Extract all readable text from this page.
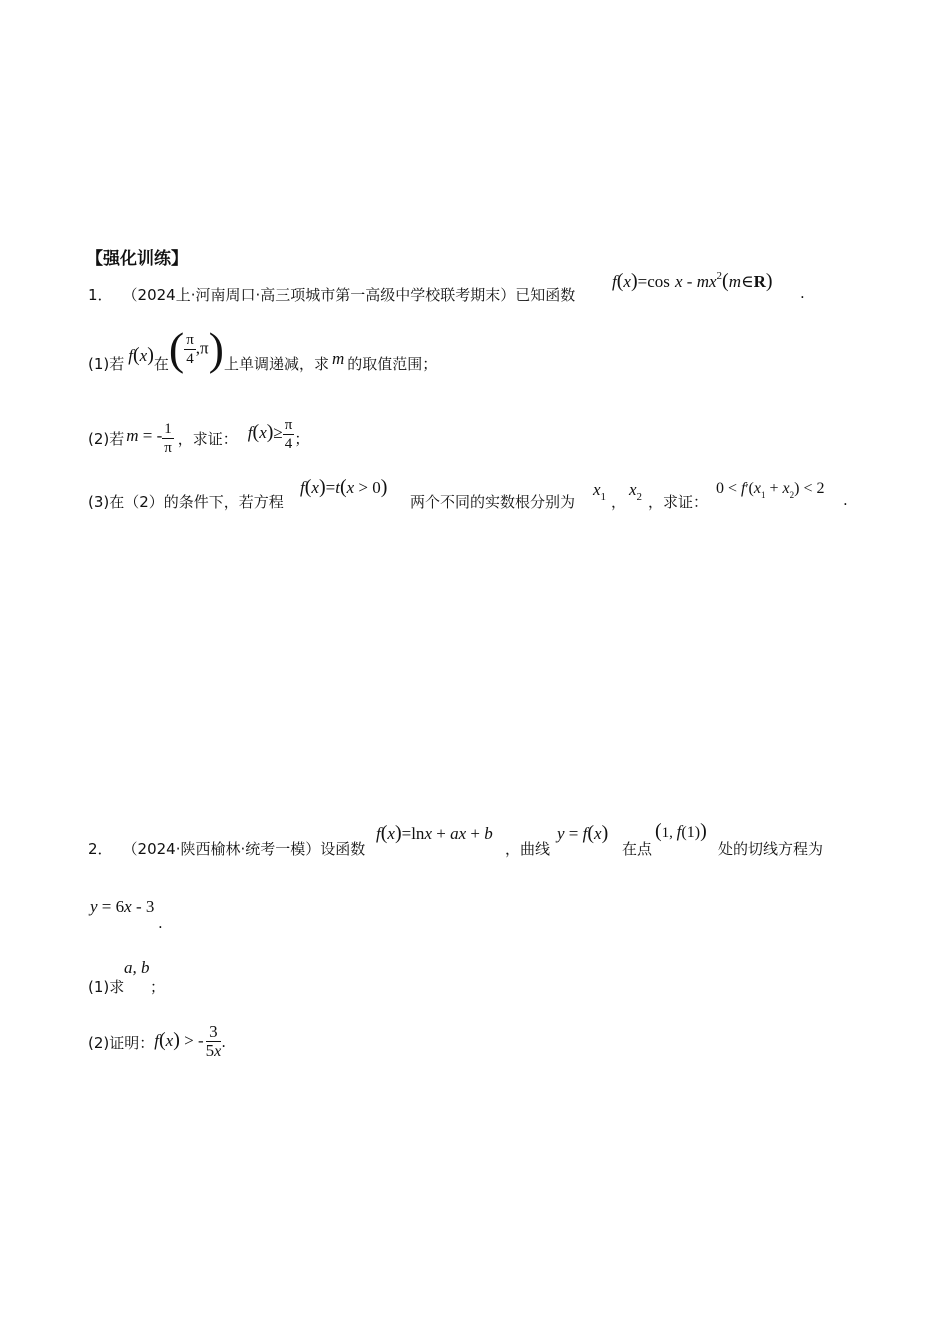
【强化训练】
1． （2024上·河南周口·高三项城市第一高级中学校联考期末）已知函数
f(x)=cos x - $mx^2(m\in R)$
.
(1)若 f(x) 在 ( $\frac{\pi}{4} ,\pi$) 上单调递减，求 m 的取值范围；
(2)若 m = - $\frac{1}{\pi}$ ，求证： $f(x)\ge \frac{\pi}{4}$ ；
(3)在（2）的条件下，若方程
f(x)=t(x > 0)
两个不同的实数根分别为
$x_1$ ，
$x_2$ ，求证：
$0 < f'(x_1 + x_2) < 2$
.
2． （2024·陕西榆林·统考一模）设函数
f(x)=lnx + ax + b
，曲线
y = f(x)
在点
(1, f(1))
处的切线方程为
y = 6x - 3
.
(1)求
a, b
；
(2)证明： f(x) > - $\frac{3}{5x}$ .
